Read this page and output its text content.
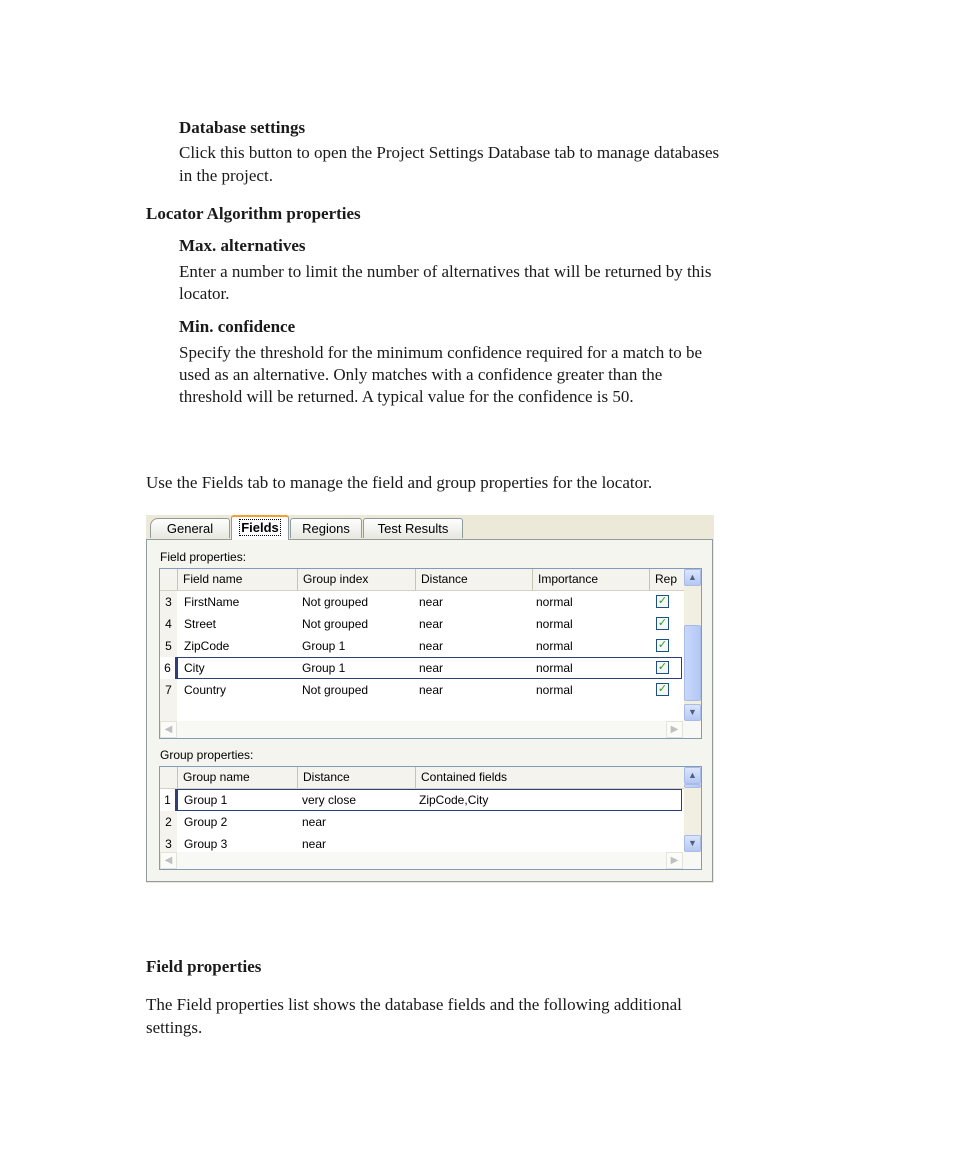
Database settings
Click this button to open the Project Settings Database tab to manage databases
in the project.
Locator Algorithm properties
Max. alternatives
Enter a number to limit the number of alternatives that will be returned by this
locator.
Min. confidence
Specify the threshold for the minimum confidence required for a match to be
used as an alternative. Only matches with a confidence greater than the
threshold will be returned. A typical value for the confidence is 50.
Use the Fields tab to manage the field and group properties for the locator.
General	Fields	Regions	Test Results
Field properties:
Field name	Group index	Distance	Importance	Rep
3	FirstName	Not grouped	near	normal	✓
4	Street	Not grouped	near	normal	✓
5	ZipCode	Group 1	near	normal	✓
6	City	Group 1	near	normal	✓
7	Country	Not grouped	near	normal	✓
▲
▼
◀	▶
Group properties:
Group name	Distance	Contained fields
1	Group 1	very close	ZipCode,City
2	Group 2	near
3	Group 3	near
▲
▼
◀	▶
Field properties
The Field properties list shows the database fields and the following additional
settings.
